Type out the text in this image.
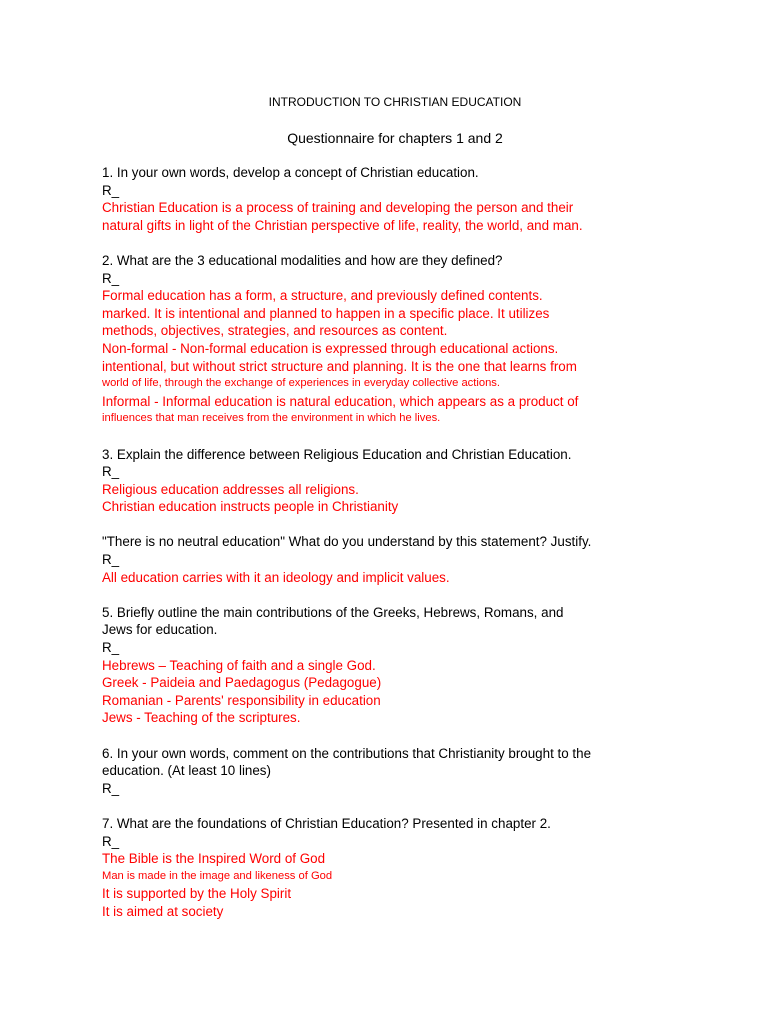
INTRODUCTION TO CHRISTIAN EDUCATION
Questionnaire for chapters 1 and 2
1. In your own words, develop a concept of Christian education.
R_
Christian Education is a process of training and developing the person and their
natural gifts in light of the Christian perspective of life, reality, the world, and man.
2. What are the 3 educational modalities and how are they defined?
R_
Formal education has a form, a structure, and previously defined contents.
marked. It is intentional and planned to happen in a specific place. It utilizes
methods, objectives, strategies, and resources as content.
Non-formal - Non-formal education is expressed through educational actions.
intentional, but without strict structure and planning. It is the one that learns from
world of life, through the exchange of experiences in everyday collective actions.
Informal - Informal education is natural education, which appears as a product of
influences that man receives from the environment in which he lives.
3. Explain the difference between Religious Education and Christian Education.
R_
Religious education addresses all religions.
Christian education instructs people in Christianity
"There is no neutral education" What do you understand by this statement? Justify.
R_
All education carries with it an ideology and implicit values.
5. Briefly outline the main contributions of the Greeks, Hebrews, Romans, and
Jews for education.
R_
Hebrews – Teaching of faith and a single God.
Greek - Paideia and Paedagogus (Pedagogue)
Romanian - Parents' responsibility in education
Jews - Teaching of the scriptures.
6. In your own words, comment on the contributions that Christianity brought to the
education. (At least 10 lines)
R_
7. What are the foundations of Christian Education? Presented in chapter 2.
R_
The Bible is the Inspired Word of God
Man is made in the image and likeness of God
It is supported by the Holy Spirit
It is aimed at society
